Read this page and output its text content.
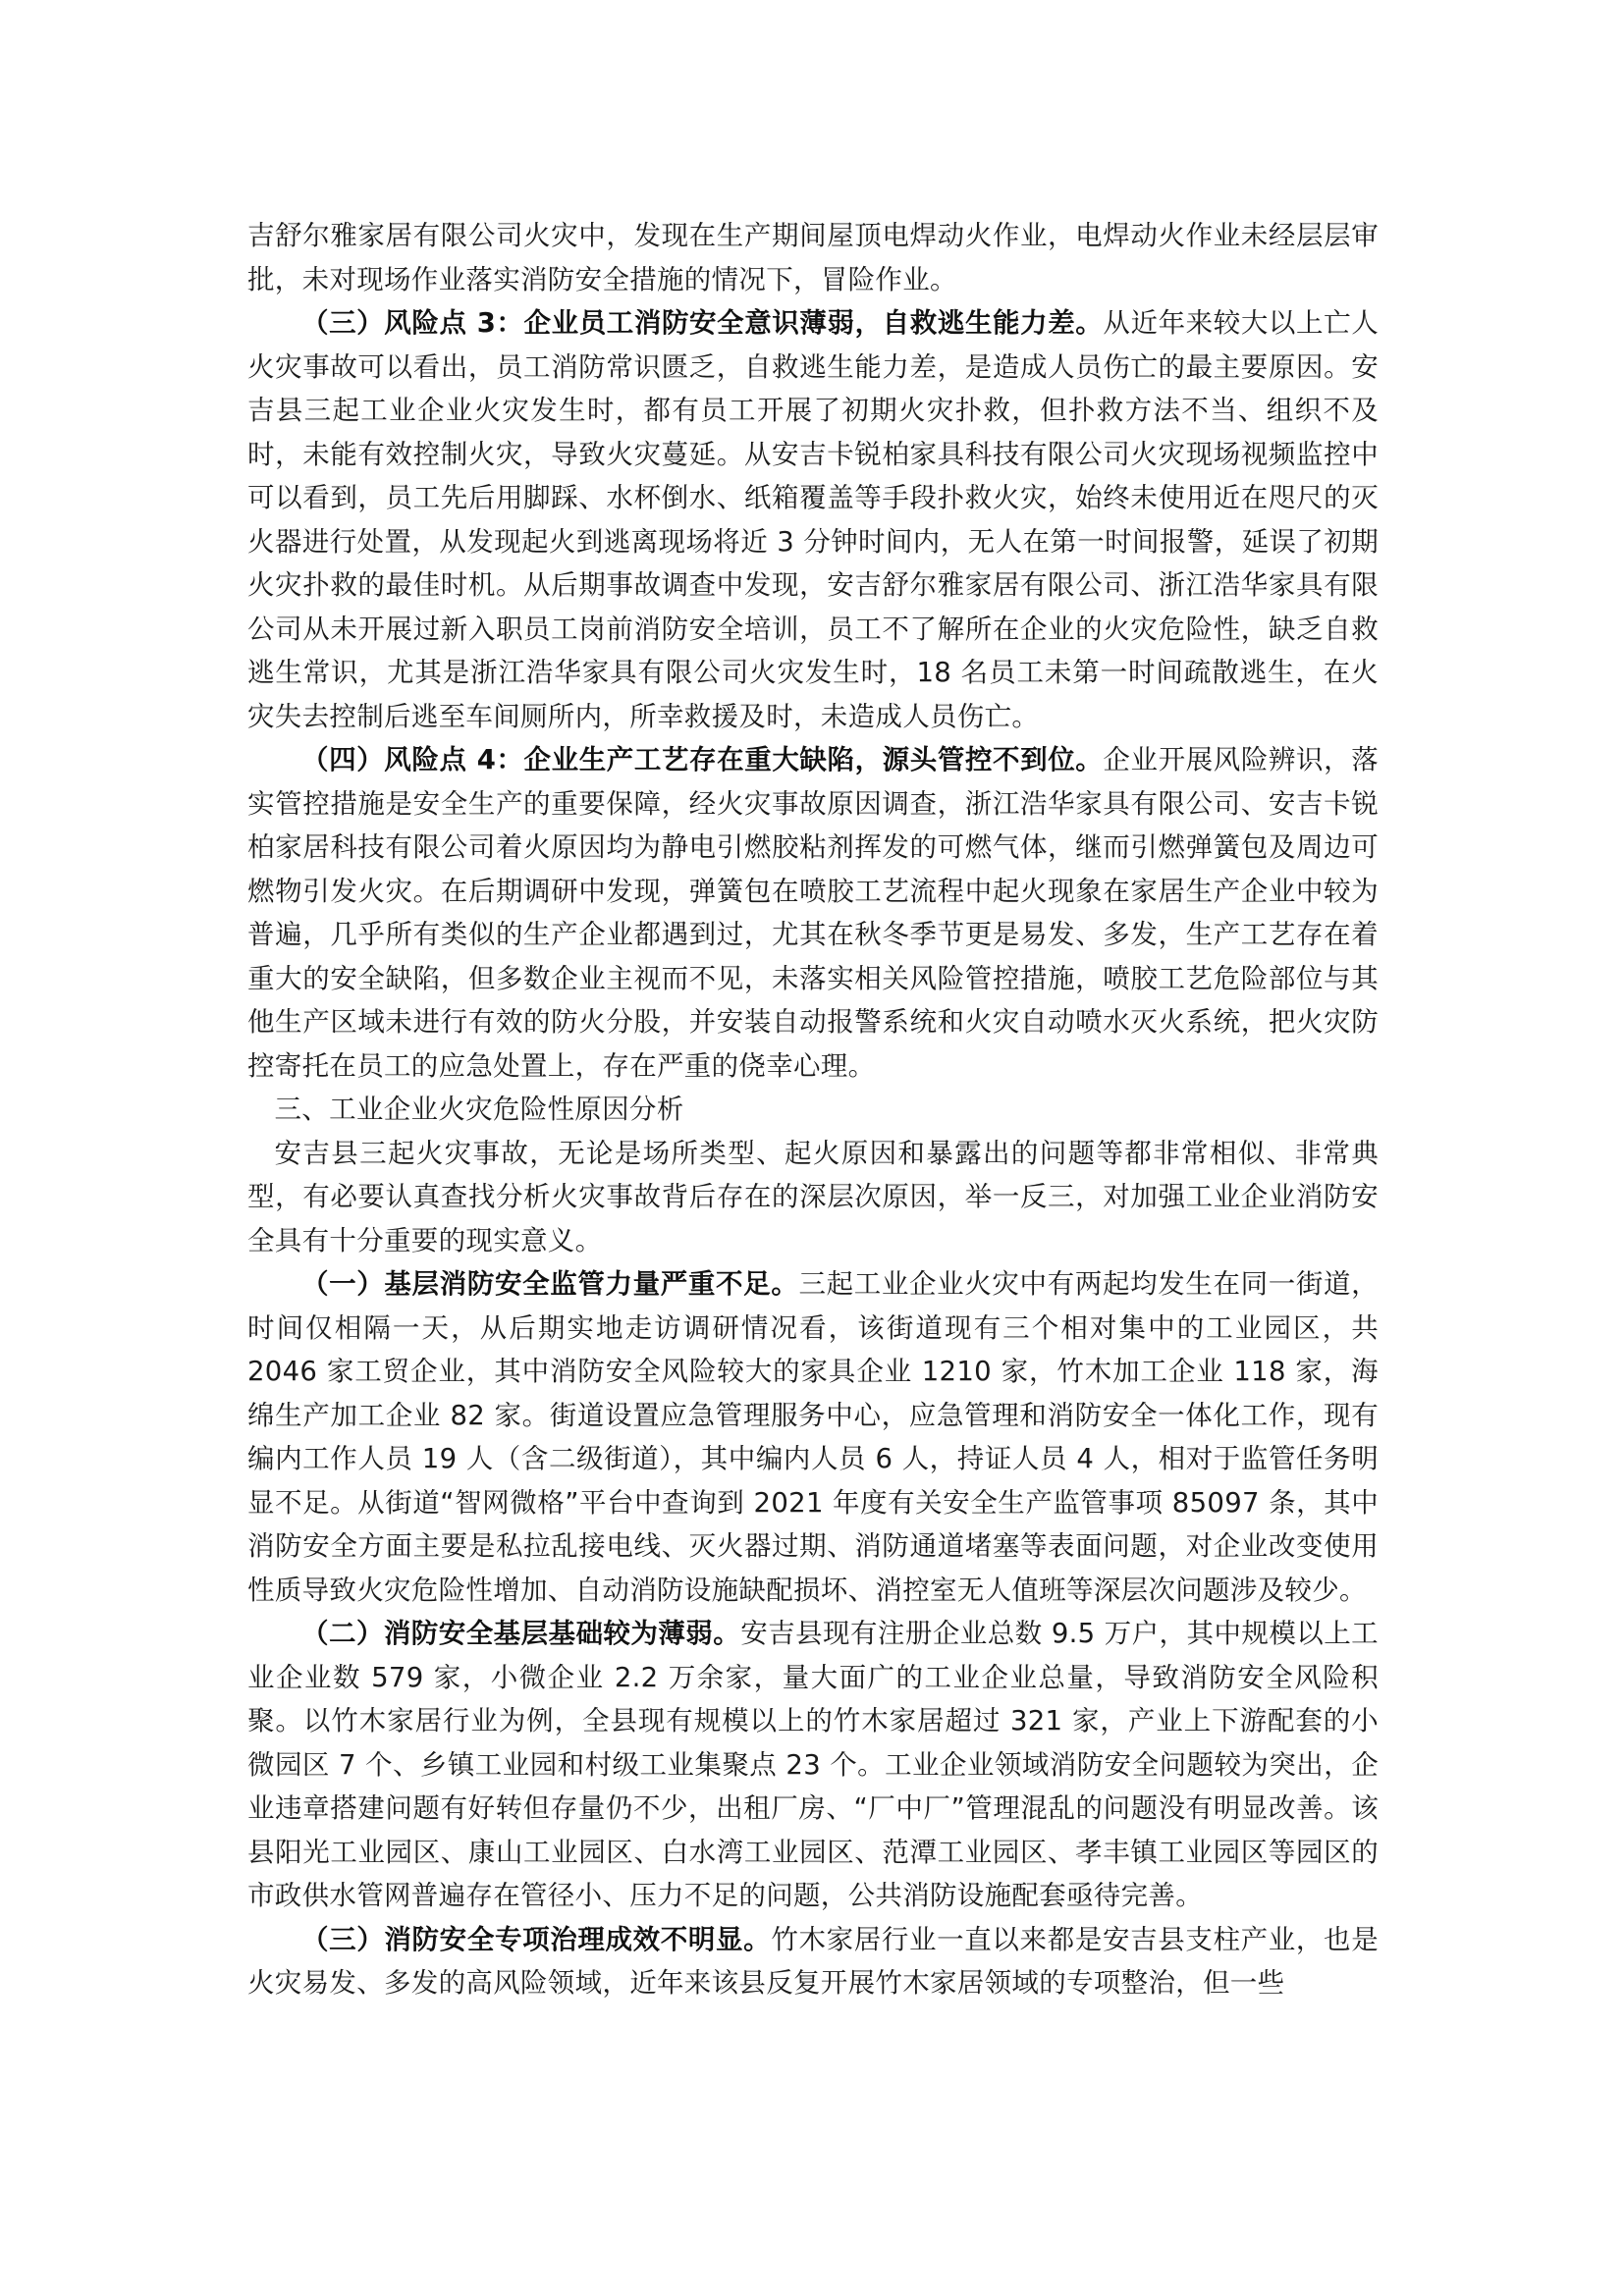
吉舒尔雅家居有限公司火灾中，发现在生产期间屋顶电焊动火作业，电焊动火作业未经层层审批，未对现场作业落实消防安全措施的情况下，冒险作业。

（三）风险点 3：企业员工消防安全意识薄弱，自救逃生能力差。从近年来较大以上亡人火灾事故可以看出，员工消防常识匮乏，自救逃生能力差，是造成人员伤亡的最主要原因。安吉县三起工业企业火灾发生时，都有员工开展了初期火灾扑救，但扑救方法不当、组织不及时，未能有效控制火灾，导致火灾蔓延。从安吉卡锐柏家具科技有限公司火灾现场视频监控中可以看到，员工先后用脚踩、水杯倒水、纸箱覆盖等手段扑救火灾，始终未使用近在咫尺的灭火器进行处置，从发现起火到逃离现场将近 3 分钟时间内，无人在第一时间报警，延误了初期火灾扑救的最佳时机。从后期事故调查中发现，安吉舒尔雅家居有限公司、浙江浩华家具有限公司从未开展过新入职员工岗前消防安全培训，员工不了解所在企业的火灾危险性，缺乏自救逃生常识，尤其是浙江浩华家具有限公司火灾发生时，18 名员工未第一时间疏散逃生，在火灾失去控制后逃至车间厕所内，所幸救援及时，未造成人员伤亡。

（四）风险点 4：企业生产工艺存在重大缺陷，源头管控不到位。企业开展风险辨识，落实管控措施是安全生产的重要保障，经火灾事故原因调查，浙江浩华家具有限公司、安吉卡锐柏家居科技有限公司着火原因均为静电引燃胶粘剂挥发的可燃气体，继而引燃弹簧包及周边可燃物引发火灾。在后期调研中发现，弹簧包在喷胶工艺流程中起火现象在家居生产企业中较为普遍，几乎所有类似的生产企业都遇到过，尤其在秋冬季节更是易发、多发，生产工艺存在着重大的安全缺陷，但多数企业主视而不见，未落实相关风险管控措施，喷胶工艺危险部位与其他生产区域未进行有效的防火分股，并安装自动报警系统和火灾自动喷水灭火系统，把火灾防控寄托在员工的应急处置上，存在严重的侥幸心理。

三、工业企业火灾危险性原因分析

安吉县三起火灾事故，无论是场所类型、起火原因和暴露出的问题等都非常相似、非常典型，有必要认真查找分析火灾事故背后存在的深层次原因，举一反三，对加强工业企业消防安全具有十分重要的现实意义。

（一）基层消防安全监管力量严重不足。三起工业企业火灾中有两起均发生在同一街道，时间仅相隔一天，从后期实地走访调研情况看，该街道现有三个相对集中的工业园区，共 2046 家工贸企业，其中消防安全风险较大的家具企业 1210 家，竹木加工企业 118 家，海绵生产加工企业 82 家。街道设置应急管理服务中心，应急管理和消防安全一体化工作，现有编内工作人员 19 人（含二级街道），其中编内人员 6 人，持证人员 4 人，相对于监管任务明显不足。从街道“智网微格”平台中查询到 2021 年度有关安全生产监管事项 85097 条，其中消防安全方面主要是私拉乱接电线、灭火器过期、消防通道堵塞等表面问题，对企业改变使用性质导致火灾危险性增加、自动消防设施缺配损坏、消控室无人值班等深层次问题涉及较少。

（二）消防安全基层基础较为薄弱。安吉县现有注册企业总数 9.5 万户，其中规模以上工业企业数 579 家，小微企业 2.2 万余家，量大面广的工业企业总量，导致消防安全风险积聚。以竹木家居行业为例，全县现有规模以上的竹木家居超过 321 家，产业上下游配套的小微园区 7 个、乡镇工业园和村级工业集聚点 23 个。工业企业领域消防安全问题较为突出，企业违章搭建问题有好转但存量仍不少，出租厂房、“厂中厂”管理混乱的问题没有明显改善。该县阳光工业园区、康山工业园区、白水湾工业园区、范潭工业园区、孝丰镇工业园区等园区的市政供水管网普遍存在管径小、压力不足的问题，公共消防设施配套亟待完善。

（三）消防安全专项治理成效不明显。竹木家居行业一直以来都是安吉县支柱产业，也是火灾易发、多发的高风险领域，近年来该县反复开展竹木家居领域的专项整治，但一些
